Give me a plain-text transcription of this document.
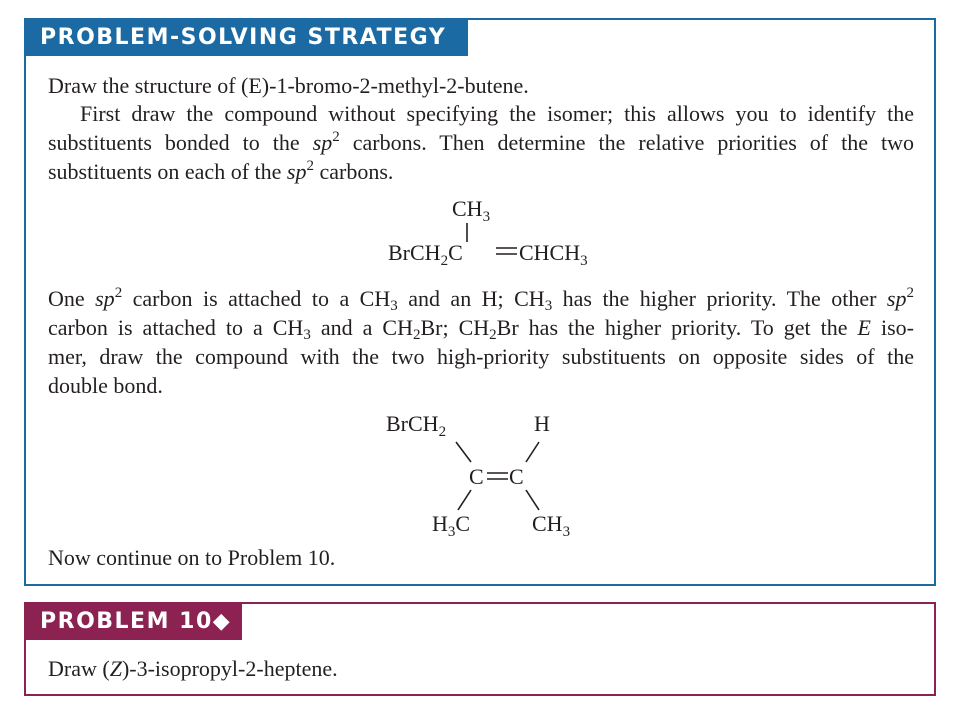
PROBLEM-SOLVING STRATEGY
Draw the structure of (E)-1-bromo-2-methyl-2-butene.
First draw the compound without specifying the isomer; this allows you to identify the
substituents bonded to the $sp^2$ carbons. Then determine the relative priorities of the two
substituents on each of the $sp^2$ carbons.
$CH_3$
BrCH$_2$C	$CHCH_3$
One $sp^2$ carbon is attached to a $CH_3$ and an H; $CH_3$ has the higher priority. The other $sp^2$
carbon is attached to a $CH_3$ and a $CH_2Br$; $CH_2Br$ has the higher priority. To get the E iso-
mer, draw the compound with the two high-priority substituents on opposite sides of the
double bond.
BrCH$_2$	H
C C
$H_3C$	$CH_3$
Now continue on to Problem 10.
PROBLEM 10◆
Draw (Z)-3-isopropyl-2-heptene.
